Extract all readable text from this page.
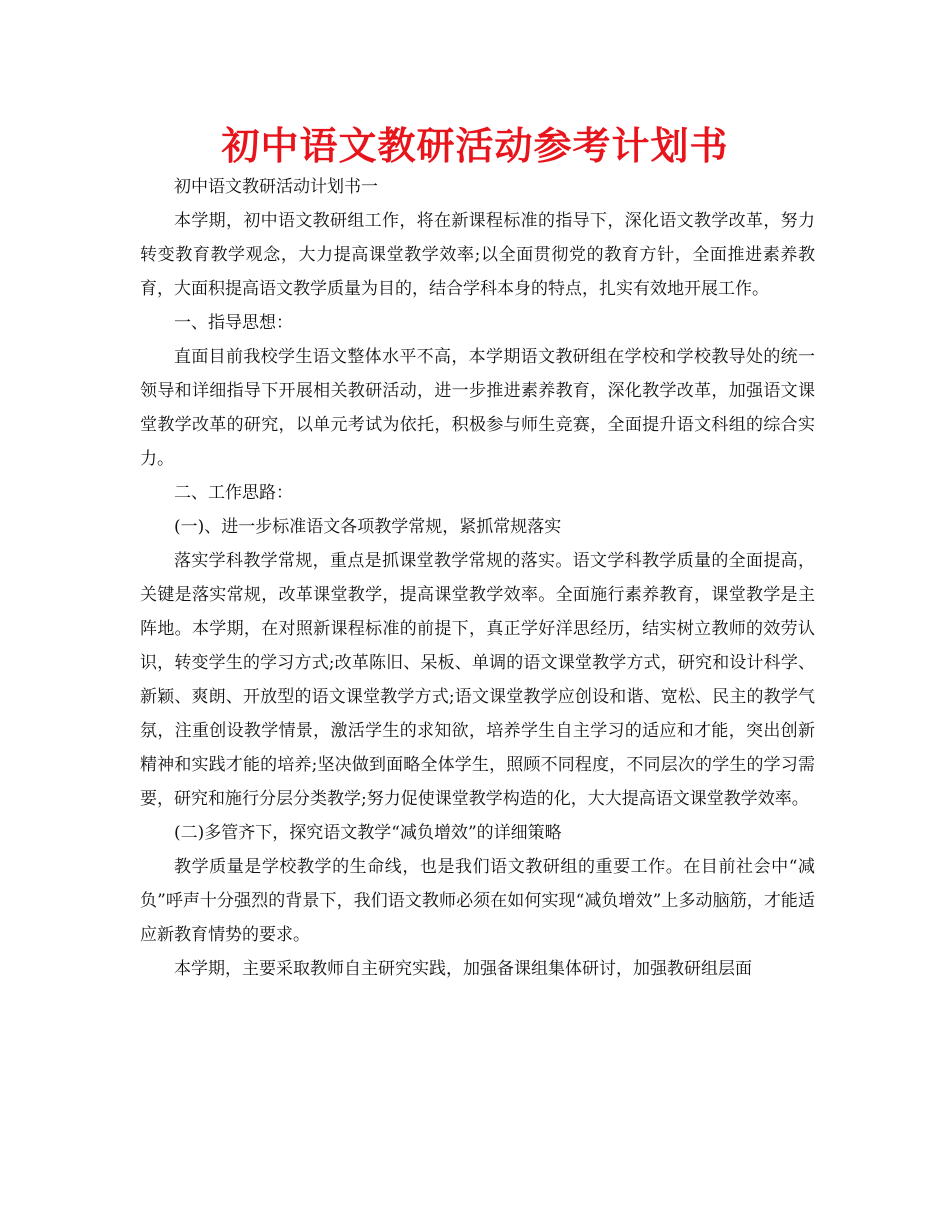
初中语文教研活动参考计划书

初中语文教研活动计划书一

本学期，初中语文教研组工作，将在新课程标准的指导下，深化语文教学改革，努力转变教育教学观念，大力提高课堂教学效率;以全面贯彻党的教育方针，全面推进素养教育，大面积提高语文教学质量为目的，结合学科本身的特点，扎实有效地开展工作。

一、指导思想：

直面目前我校学生语文整体水平不高，本学期语文教研组在学校和学校教导处的统一领导和详细指导下开展相关教研活动，进一步推进素养教育，深化教学改革，加强语文课堂教学改革的研究，以单元考试为依托，积极参与师生竞赛，全面提升语文科组的综合实力。

二、工作思路：

(一)、进一步标准语文各项教学常规，紧抓常规落实

落实学科教学常规，重点是抓课堂教学常规的落实。语文学科教学质量的全面提高，关键是落实常规，改革课堂教学，提高课堂教学效率。全面施行素养教育，课堂教学是主阵地。本学期，在对照新课程标准的前提下，真正学好洋思经历，结实树立教师的效劳认识，转变学生的学习方式;改革陈旧、呆板、单调的语文课堂教学方式，研究和设计科学、新颖、爽朗、开放型的语文课堂教学方式;语文课堂教学应创设和谐、宽松、民主的教学气氛，注重创设教学情景，激活学生的求知欲，培养学生自主学习的适应和才能，突出创新精神和实践才能的培养;坚决做到面略全体学生，照顾不同程度，不同层次的学生的学习需要，研究和施行分层分类教学;努力促使课堂教学构造的化，大大提高语文课堂教学效率。

(二)多管齐下，探究语文教学“减负增效”的详细策略

教学质量是学校教学的生命线，也是我们语文教研组的重要工作。在目前社会中“减负”呼声十分强烈的背景下，我们语文教师必须在如何实现“减负增效”上多动脑筋，才能适应新教育情势的要求。

本学期，主要采取教师自主研究实践，加强备课组集体研讨，加强教研组层面
